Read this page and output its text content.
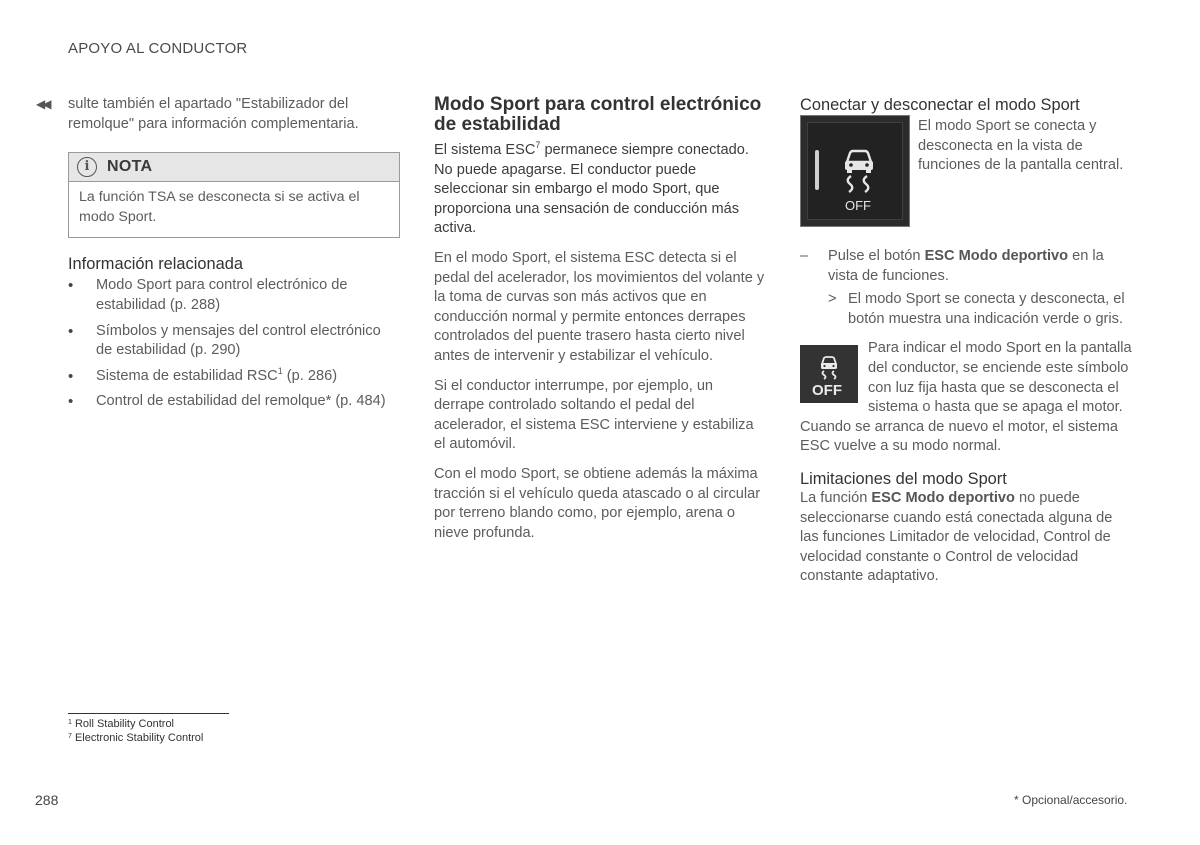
APOYO AL CONDUCTOR
◀◀ sulte también el apartado "Estabilizador del remolque" para información complementaria.

i	NOTA
La función TSA se desconecta si se activa el modo Sport.
Información relacionada
• Modo Sport para control electrónico de estabilidad (p. 288)
• Símbolos y mensajes del control electrónico de estabilidad (p. 290)
• Sistema de estabilidad RSC$^1$ (p. 286)
• Control de estabilidad del remolque* (p. 484)
Modo Sport para control electrónico de estabilidad

El sistema ESC$^7$ permanece siempre conectado. No puede apagarse. El conductor puede seleccionar sin embargo el modo Sport, que proporciona una sensación de conducción más activa.

En el modo Sport, el sistema ESC detecta si el pedal del acelerador, los movimientos del volante y la toma de curvas son más activos que en conducción normal y permite entonces derrapes controlados del puente trasero hasta cierto nivel antes de intervenir y estabilizar el vehículo.

Si el conductor interrumpe, por ejemplo, un derrape controlado soltando el pedal del acelerador, el sistema ESC interviene y estabiliza el automóvil.

Con el modo Sport, se obtiene además la máxima tracción si el vehículo queda atascado o al circular por terreno blando como, por ejemplo, arena o nieve profunda.

Conectar y desconectar el modo Sport
OFF

El modo Sport se conecta y desconecta en la vista de funciones de la pantalla central.

– Pulse el botón ESC Modo deportivo en la vista de funciones.
> El modo Sport se conecta y desconecta, el botón muestra una indicación verde o gris.
OFF

Para indicar el modo Sport en la pantalla del conductor, se enciende este símbolo con luz fija hasta que se desconecta el sistema o hasta que se apaga el motor. Cuando se arranca de nuevo el motor, el sistema ESC vuelve a su modo normal.

Limitaciones del modo Sport

La función ESC Modo deportivo no puede seleccionarse cuando está conectada alguna de las funciones Limitador de velocidad, Control de velocidad constante o Control de velocidad constante adaptativo.

$^1$ Roll Stability Control
$^7$ Electronic Stability Control
288	* Opcional/accesorio.
